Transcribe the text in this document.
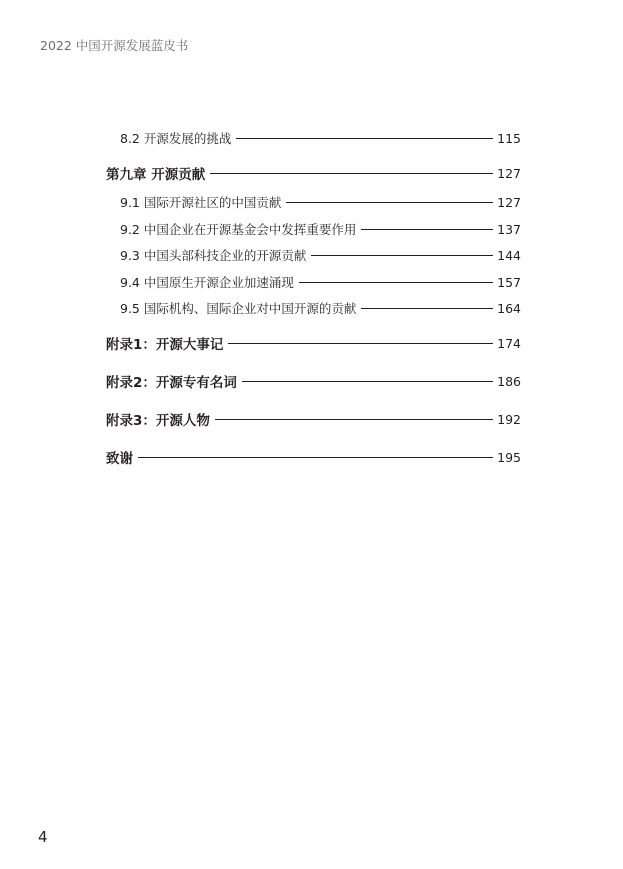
2022 中国开源发展蓝皮书
8.2 开源发展的挑战	115
第九章 开源贡献	127
9.1 国际开源社区的中国贡献	127
9.2 中国企业在开源基金会中发挥重要作用	137
9.3 中国头部科技企业的开源贡献	144
9.4 中国原生开源企业加速涌现	157
9.5 国际机构、国际企业对中国开源的贡献	164
附录1：开源大事记	174
附录2：开源专有名词	186
附录3：开源人物	192
致谢	195
4
